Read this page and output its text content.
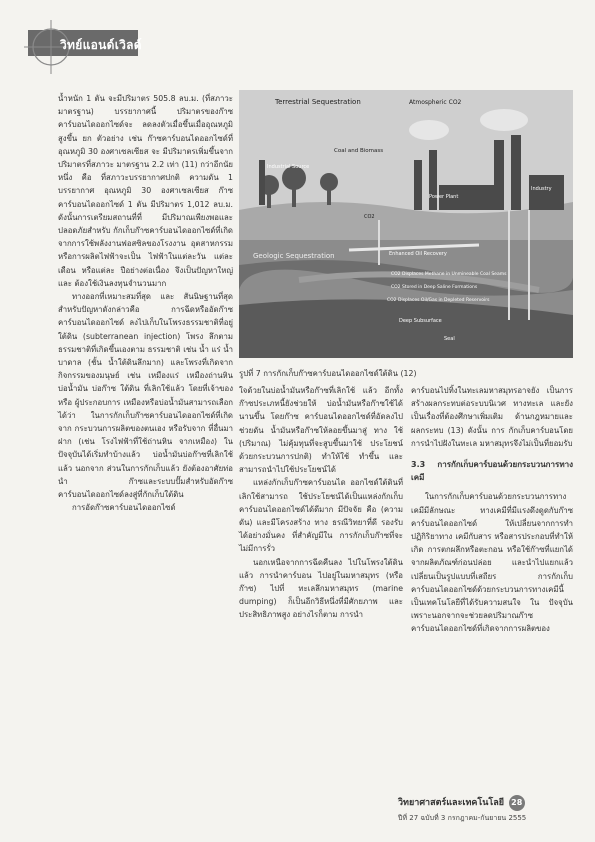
วิทย์แอนด์เวิลด์

น้ำหนัก 1 ตัน จะมีปริมาตร 505.8 ลบ.ม. (ที่สภาวะมาตรฐาน) บรรยากาศนี้ ปริมาตรของก๊าซคาร์บอนไดออกไซด์จะ ลดลงตัวเมื่อขึ้นเมื่ออุณหภูมิสูงขึ้น ยก ตัวอย่าง เช่น ก๊าซคาร์บอนไดออกไซด์ที่ อุณหภูมิ 30 องศาเซลเซียส จะ มีปริมาตรเพิ่มขึ้นจากปริมาตรที่สภาวะ มาตรฐาน 2.2 เท่า (11) กว่าอีกนัยหนึ่ง คือ ที่สภาวะบรรยากาศปกติ ความดัน 1 บรรยากาศ อุณหภูมิ 30 องศาเซลเซียส ก๊าซคาร์บอนไดออกไซด์ 1 ตัน มีปริมาตร 1,012 ลบ.ม. ดังนั้นการเตรียมสถานที่ที่ มีปริมาณเพียงพอและปลอดภัยสำหรับ กักเก็บก๊าซคาร์บอนไดออกไซด์ที่เกิด จากการใช้พลังงานฟอสซิลของโรงงาน อุตสาหกรรมหรือการผลิตไฟฟ้าจะเป็น ไฟฟ้าในแต่ละวัน แต่ละเดือน หรือแต่ละ ปีอย่างต่อเนื่อง จึงเป็นปัญหาใหญ่และ ต้องใช้เงินลงทุนจำนวนมาก

ทางออกที่เหมาะสมที่สุด และ สันนิษฐานที่สุดสำหรับปัญหาดังกล่าวคือ การฉีดหรืออัดก๊าซคาร์บอนไดออกไซด์ ลงไปเก็บในโพรงธรรมชาติที่อยู่ใต้ดิน (subterranean injection) โพรง ลึกตามธรรมชาติที่เกิดขึ้นเองตาม ธรรมชาติ เช่น น้ำ แร่ น้ำบาดาล (ชั้น น้ำใต้ดินลึกมาก) และโพรงที่เกิดจาก กิจกรรมของมนุษย์ เช่น เหมืองแร่ เหมืองถ่านหิน บ่อน้ำมัน บ่อก๊าซ ใต้ดิน ที่เลิกใช้แล้ว โดยที่เจ้าของ หรือ ผู้ประกอบการ เหมืองหรือบ่อน้ำมันสามารถเลือกได้ว่า ในการกักเก็บก๊าซคาร์บอนไดออกไซด์ที่เกิดจาก กระบวนการผลิตของตนเอง หรือรับจาก ที่อื่นมาฝาก (เช่น โรงไฟฟ้าที่ใช้ถ่านหิน จากเหมือง) ในปัจจุบันได้เริ่มทำบ้างแล้ว บ่อน้ำมันบ่อก๊าซที่เลิกใช้แล้ว นอกจาก ส่วนในการกักเก็บแล้ว ยังต้องอาศัยท่อนำ ก๊าซและระบบปั๊มสำหรับอัดก๊าซ คาร์บอนไดออกไซด์ลงสู่ที่กักเก็บใต้ดิน

การอัดก๊าซคาร์บอนไดออกไซด์

Terrestrial Sequestration	Atmospheric CO2
Coal and Biomass
Industrial Source
Power Plant
Industry
Geologic Sequestration	Enhanced Oil Recovery
CO2 Displaces Methane in Unmineable Coal Seams
CO2 Stored in Deep Saline Formations
CO2 Displaces Oil/Gas in Depleted Reservoirs
Deep Subsurface
Seal
CO2
รูปที่ 7 การกักเก็บก๊าซคาร์บอนไดออกไซด์ใต้ดิน (12)

ใจด้วยในบ่อน้ำมันหรือก๊าซที่เลิกใช้ แล้ว อีกทั้งก๊าซประเภทนี้ยังช่วยให้ บ่อน้ำมันหรือก๊าซใช้ได้นานขึ้น โดยก๊าซ คาร์บอนไดออกไซด์ที่อัดลงไปช่วยดัน น้ำมันหรือก๊าซให้ลอยขึ้นมาสู่ ทาง ใช้ (ปริมาณ) ไม่คุ้มทุนที่จะสูบขึ้นมาใช้ ประโยชน์ด้วยกระบวนการปกติ) ทำให้ใช้ ทำขึ้น และสามารถนำไปใช้ประโยชน์ได้

แหล่งกักเก็บก๊าซคาร์บอนได ออกไซด์ใต้ดินที่เลิกใช้สามารถ ใช้ประโยชน์ได้เป็นแหล่งกักเก็บ คาร์บอนไดออกไซด์ได้ดีมาก มีปัจจัย คือ (ความดัน) และมีโครงสร้าง ทาง ธรณีวิทยาที่ดี รองรับได้อย่างมั่นคง ที่สำคัญมีใน การกักเก็บก๊าซที่จะไม่มีการรั่ว

นอกเหนือจากการฉีดคืนลง ไปในโพรงใต้ดินแล้ว การนำคาร์บอน ไปอยู่ในมหาสมุทร (หรือก๊าซ) ไปที่ ทะเลลึกมหาสมุทร (marine dumping) ก็เป็นอีกวิธีหนึ่งที่มีศักยภาพ และ ประสิทธิภาพสูง อย่างไรก็ตาม การนำ

คาร์บอนไปทิ้งในทะเลมหาสมุทรอาจยัง เป็นการสร้างผลกระทบต่อระบบนิเวศ ทางทะเล และยังเป็นเรื่องที่ต้องศึกษาเพิ่มเติม ด้านกฎหมายและผลกระทบ (13) ดังนั้น การ กักเก็บคาร์บอนโดยการนำไปฝังในทะเล มหาสมุทรจึงไม่เป็นที่ยอมรับ

3.3 การกักเก็บคาร์บอนด้วยกระบวนการทางเคมี

ในการกักเก็บคาร์บอนด้วยกระบวนการทางเคมีมีลักษณะ ทางเคมีที่มีแรงดึงดูดกับก๊าซ คาร์บอนไดออกไซด์ ให้เปลี่ยนจากการทำปฏิกิริยาทาง เคมีกับสาร หรือสารประกอบที่ทำให้เกิด การตกผลึกหรือตะกอน หรือใช้ก๊าซที่แยกได้จากผลิตภัณฑ์ก่อนปล่อย และนำไปแยกแล้วเปลี่ยนเป็นรูปแบบที่เสถียร การกักเก็บ คาร์บอนไดออกไซด์ด้วยกระบวนการทางเคมีนี้เป็นเทคโนโลยีที่ได้รับความสนใจ ใน ปัจจุบันเพราะนอกจากจะช่วยลดปริมาณก๊าซ คาร์บอนไดออกไซด์ที่เกิดจากการผลิตของ

วิทยาศาสตร์และเทคโนโลยี 28
ปีที่ 27 ฉบับที่ 3 กรกฎาคม-กันยายน 2555
